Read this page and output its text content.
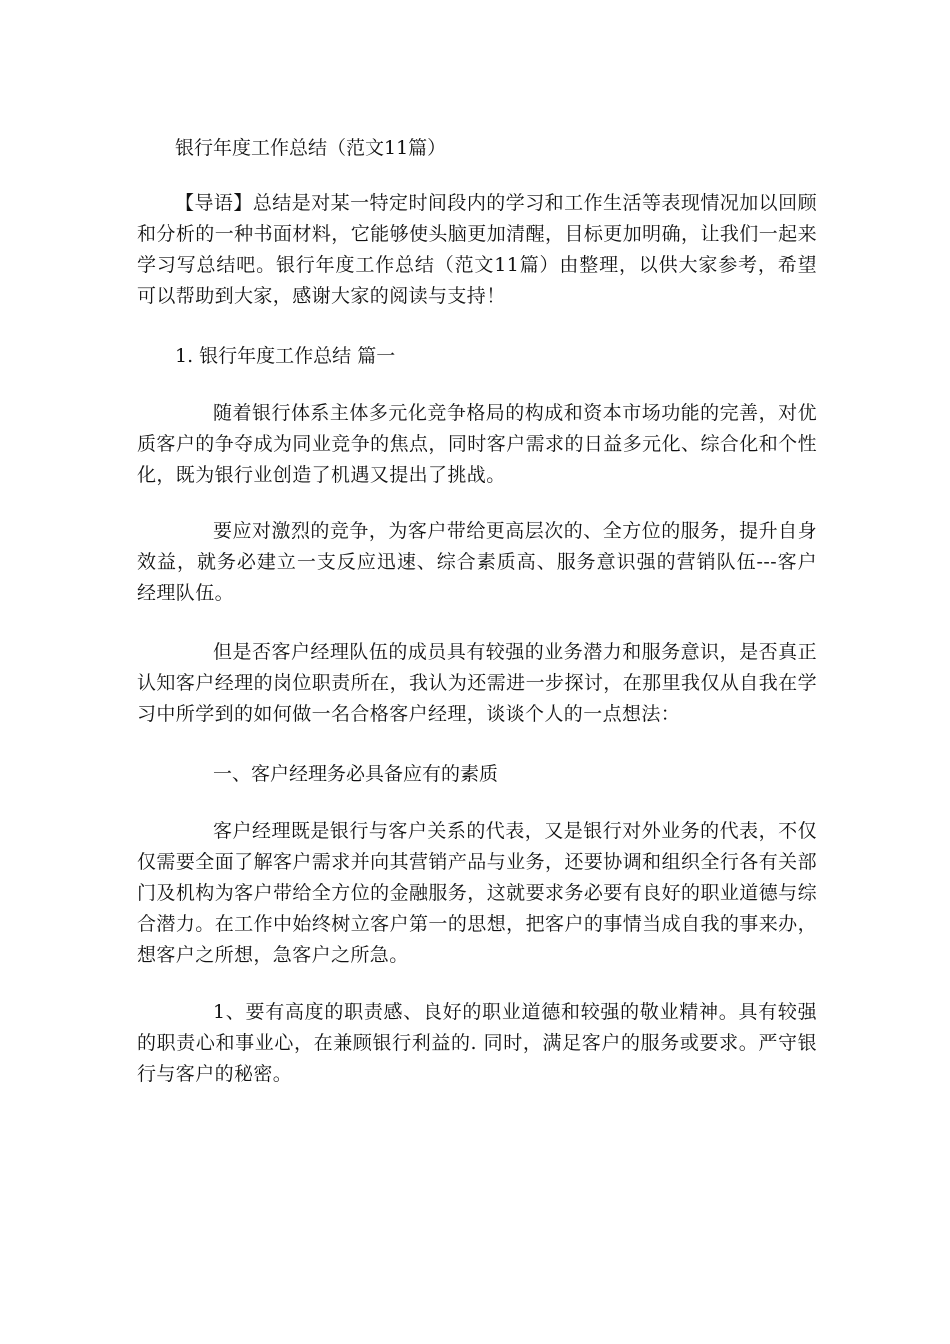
银行年度工作总结（范文11篇）

【导语】总结是对某一特定时间段内的学习和工作生活等表现情况加以回顾和分析的一种书面材料，它能够使头脑更加清醒，目标更加明确，让我们一起来学习写总结吧。银行年度工作总结（范文11篇）由整理，以供大家参考，希望可以帮助到大家，感谢大家的阅读与支持！

1. 银行年度工作总结 篇一

随着银行体系主体多元化竞争格局的构成和资本市场功能的完善，对优质客户的争夺成为同业竞争的焦点，同时客户需求的日益多元化、综合化和个性化，既为银行业创造了机遇又提出了挑战。

要应对激烈的竞争，为客户带给更高层次的、全方位的服务，提升自身效益，就务必建立一支反应迅速、综合素质高、服务意识强的营销队伍---客户经理队伍。

但是否客户经理队伍的成员具有较强的业务潜力和服务意识，是否真正认知客户经理的岗位职责所在，我认为还需进一步探讨，在那里我仅从自我在学习中所学到的如何做一名合格客户经理，谈谈个人的一点想法：

一、客户经理务必具备应有的素质

客户经理既是银行与客户关系的代表，又是银行对外业务的代表，不仅仅需要全面了解客户需求并向其营销产品与业务，还要协调和组织全行各有关部门及机构为客户带给全方位的金融服务，这就要求务必要有良好的职业道德与综合潜力。在工作中始终树立客户第一的思想，把客户的事情当成自我的事来办，想客户之所想，急客户之所急。

1、要有高度的职责感、良好的职业道德和较强的敬业精神。具有较强的职责心和事业心，在兼顾银行利益的. 同时，满足客户的服务或要求。严守银行与客户的秘密。
